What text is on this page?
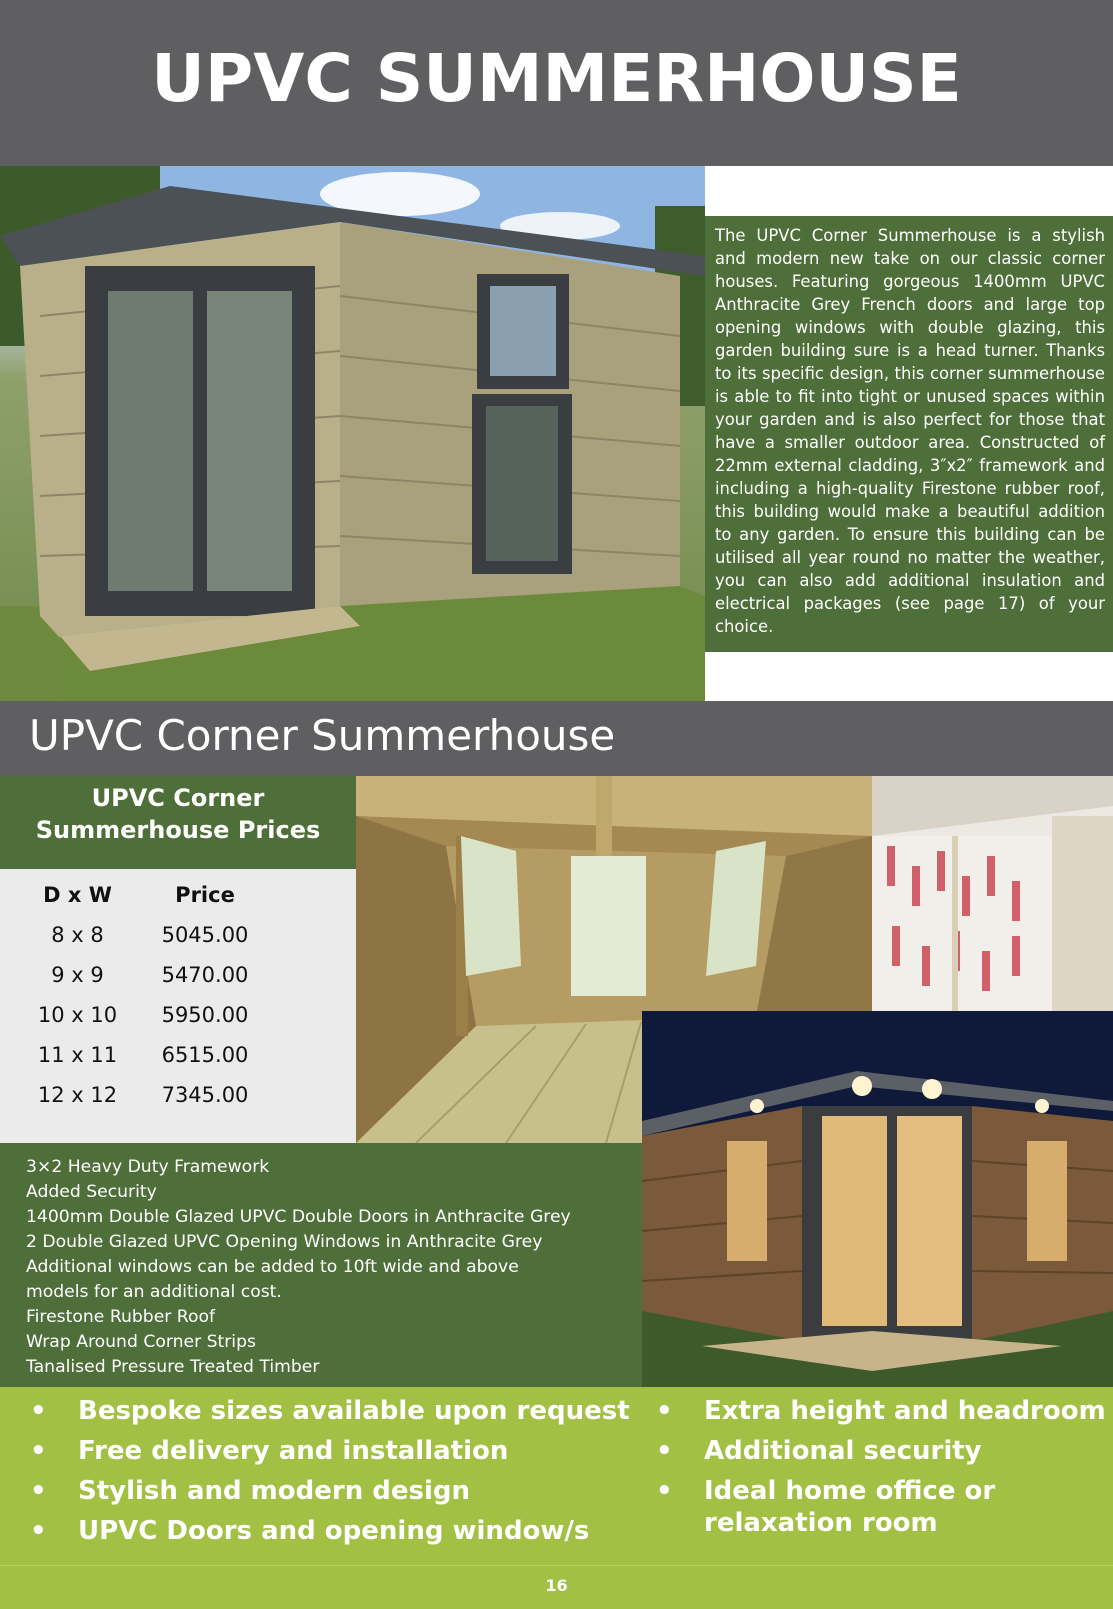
UPVC SUMMERHOUSE

The UPVC Corner Summerhouse is a stylish and modern new take on our classic corner houses. Featuring gorgeous 1400mm UPVC Anthracite Grey French doors and large top opening windows with double glazing, this garden building sure is a head turner. Thanks to its specific design, this corner summerhouse is able to fit into tight or unused spaces within your garden and is also perfect for those that have a smaller outdoor area. Constructed of 22mm external cladding, 3″x2″ framework and including a high-quality Firestone rubber roof, this building would make a beautiful addition to any garden. To ensure this building can be utilised all year round no matter the weather, you can also add additional insulation and electrical packages (see page 17) of your choice.

UPVC Corner Summerhouse
UPVC Corner
Summerhouse Prices
D x W	Price
8 x 8	5045.00
9 x 9	5470.00
10 x 10	5950.00
11 x 11	6515.00
12 x 12	7345.00
3×2 Heavy Duty Framework
Added Security
1400mm Double Glazed UPVC Double Doors in Anthracite Grey
2 Double Glazed UPVC Opening Windows in Anthracite Grey
Additional windows can be added to 10ft wide and above
models for an additional cost.
Firestone Rubber Roof
Wrap Around Corner Strips
Tanalised Pressure Treated Timber
• Bespoke sizes available upon request
• Free delivery and installation
• Stylish and modern design
• UPVC Doors and opening window/s
• Extra height and headroom
• Additional security
• Ideal home office or relaxation room
16
